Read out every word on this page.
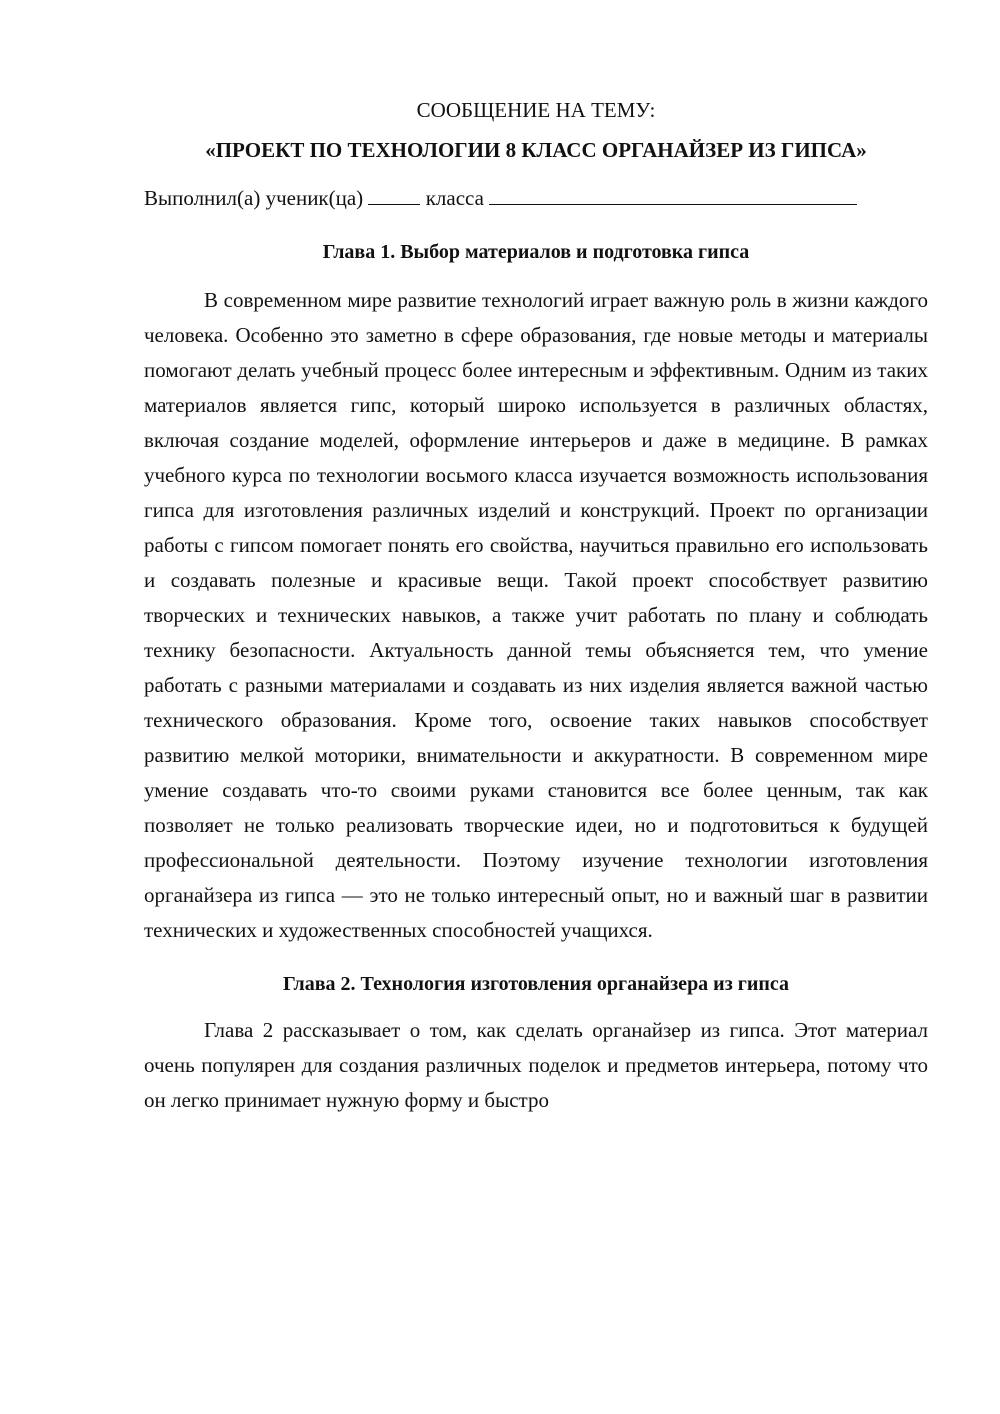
СООБЩЕНИЕ НА ТЕМУ:

«ПРОЕКТ ПО ТЕХНОЛОГИИ 8 КЛАСС ОРГАНАЙЗЕР ИЗ ГИПСА»

Выполнил(а) ученик(ца)	класса

Глава 1. Выбор материалов и подготовка гипса

В современном мире развитие технологий играет важную роль в жизни каждого человека. Особенно это заметно в сфере образования, где новые методы и материалы помогают делать учебный процесс более интересным и эффективным. Одним из таких материалов является гипс, который широко используется в различных областях, включая создание моделей, оформление интерьеров и даже в медицине. В рамках учебного курса по технологии восьмого класса изучается возможность использования гипса для изготовления различных изделий и конструкций. Проект по организации работы с гипсом помогает понять его свойства, научиться правильно его использовать и создавать полезные и красивые вещи. Такой проект способствует развитию творческих и технических навыков, а также учит работать по плану и соблюдать технику безопасности. Актуальность данной темы объясняется тем, что умение работать с разными материалами и создавать из них изделия является важной частью технического образования. Кроме того, освоение таких навыков способствует развитию мелкой моторики, внимательности и аккуратности. В современном мире умение создавать что-то своими руками становится все более ценным, так как позволяет не только реализовать творческие идеи, но и подготовиться к будущей профессиональной деятельности. Поэтому изучение технологии изготовления органайзера из гипса — это не только интересный опыт, но и важный шаг в развитии технических и художественных способностей учащихся.

Глава 2. Технология изготовления органайзера из гипса

Глава 2 рассказывает о том, как сделать органайзер из гипса. Этот материал очень популярен для создания различных поделок и предметов интерьера, потому что он легко принимает нужную форму и быстро
